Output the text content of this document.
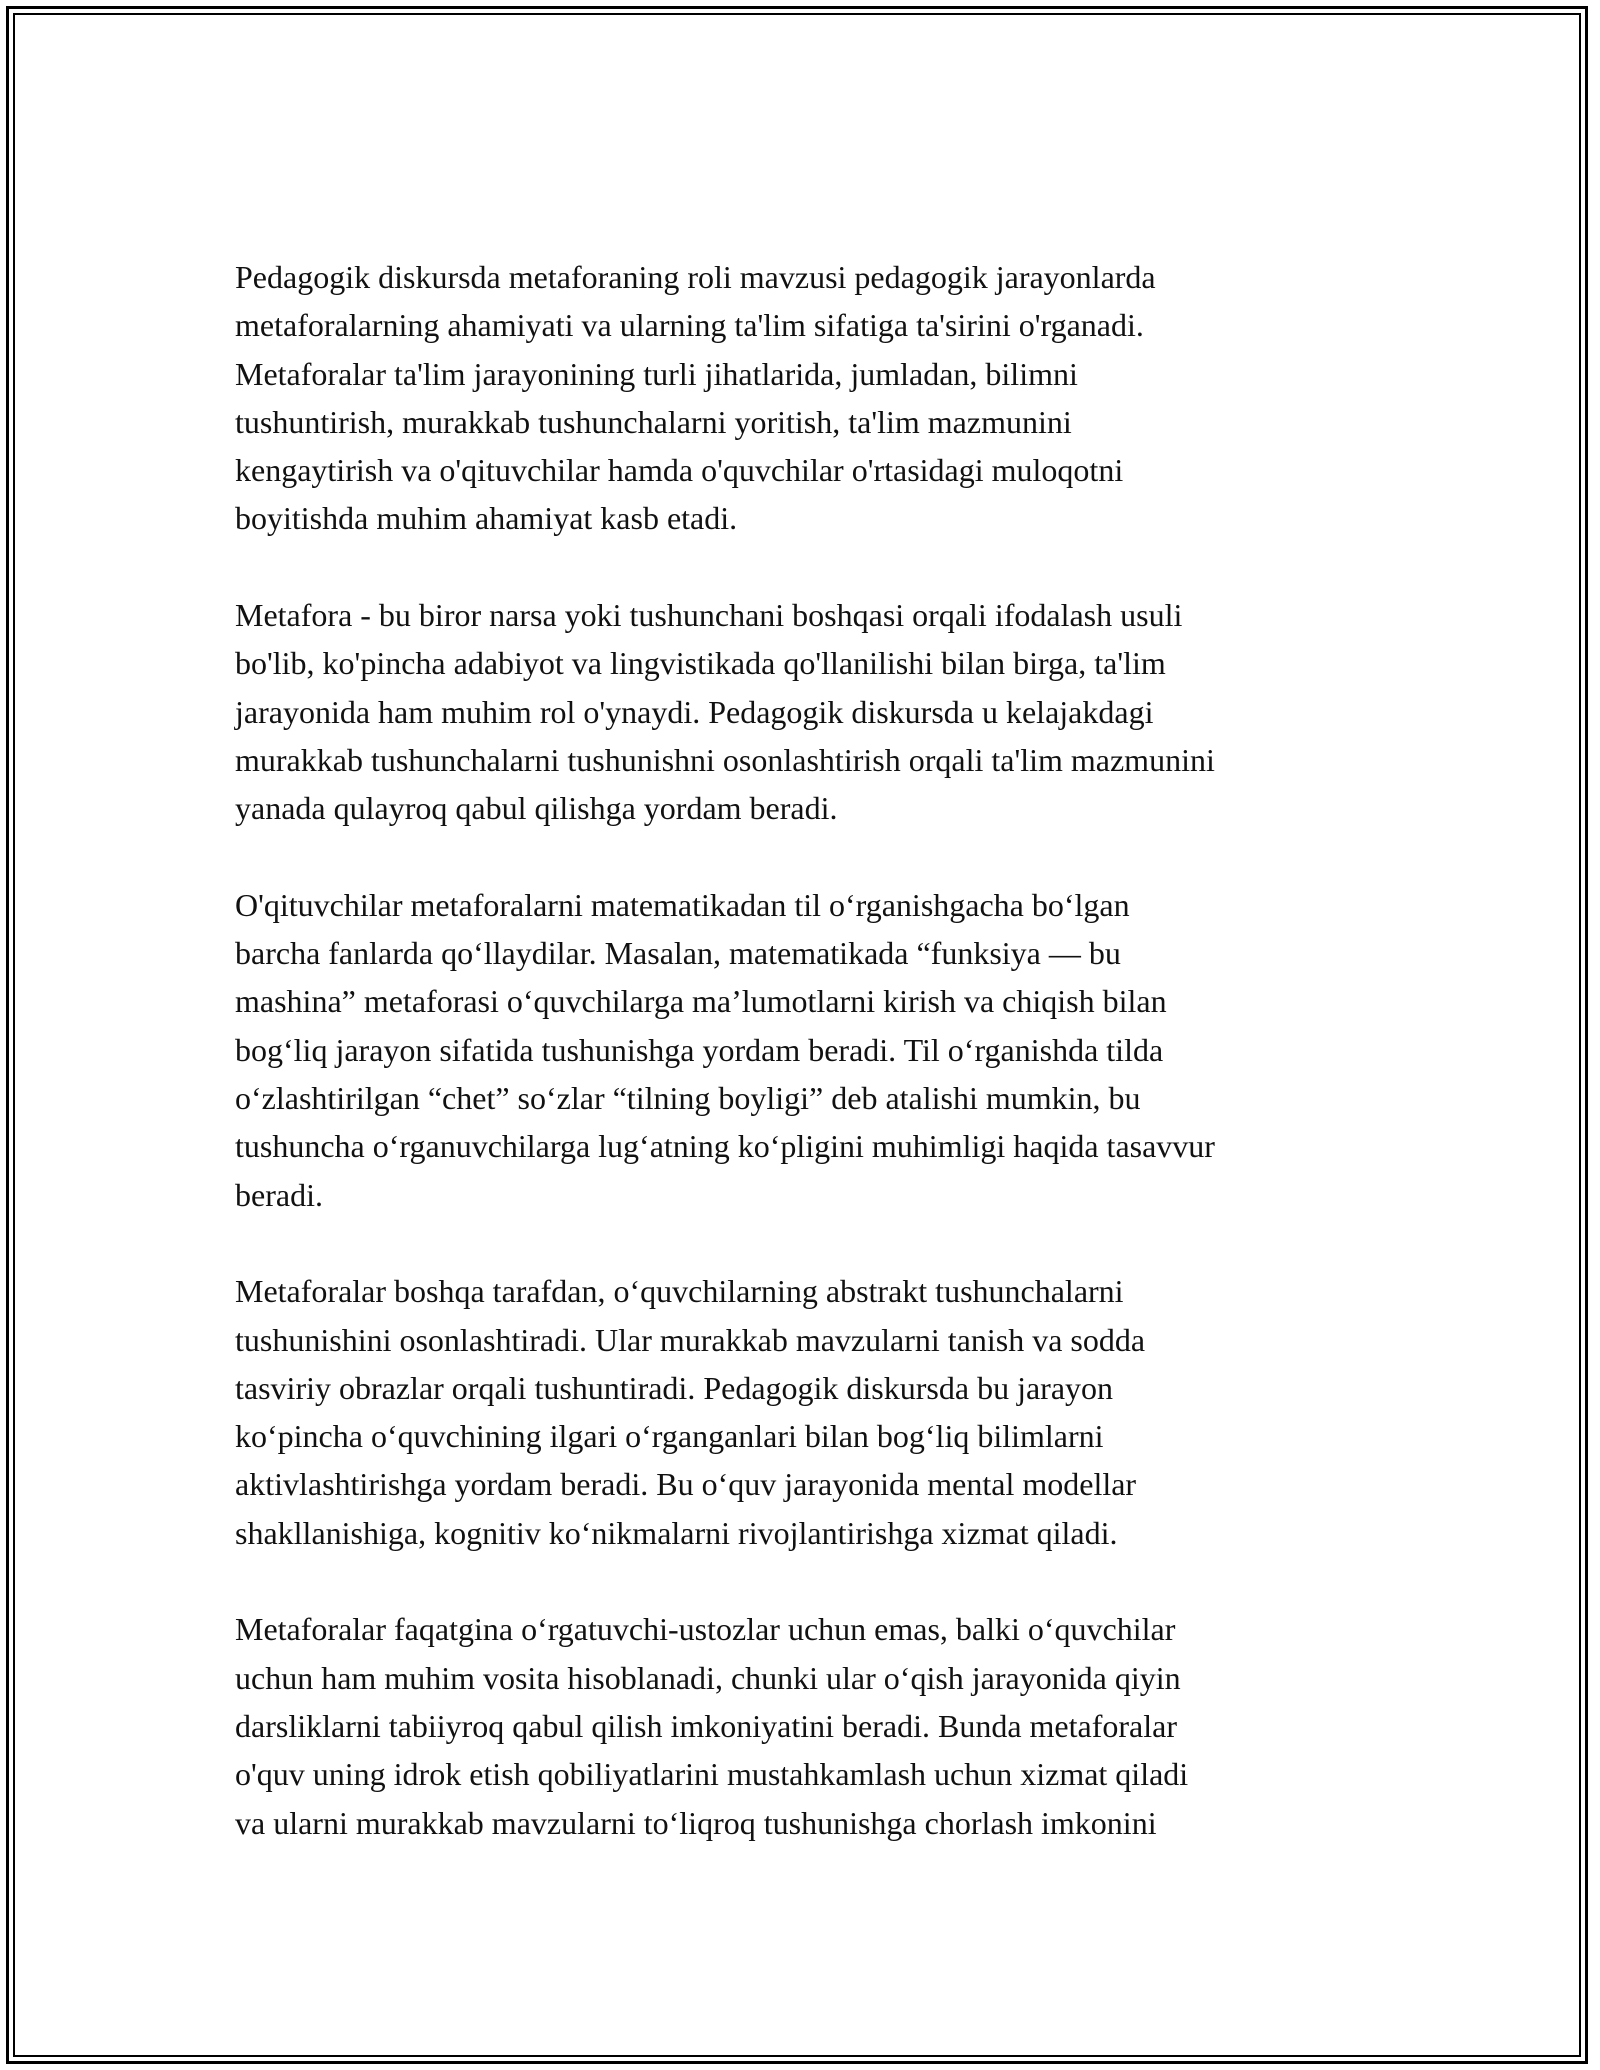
Pedagogik diskursda metaforaning roli mavzusi pedagogik jarayonlarda
metaforalarning ahamiyati va ularning ta'lim sifatiga ta'sirini o'rganadi.
Metaforalar ta'lim jarayonining turli jihatlarida, jumladan, bilimni
tushuntirish, murakkab tushunchalarni yoritish, ta'lim mazmunini
kengaytirish va o'qituvchilar hamda o'quvchilar o'rtasidagi muloqotni
boyitishda muhim ahamiyat kasb etadi.

Metafora - bu biror narsa yoki tushunchani boshqasi orqali ifodalash usuli
bo'lib, ko'pincha adabiyot va lingvistikada qo'llanilishi bilan birga, ta'lim
jarayonida ham muhim rol o'ynaydi. Pedagogik diskursda u kelajakdagi
murakkab tushunchalarni tushunishni osonlashtirish orqali ta'lim mazmunini
yanada qulayroq qabul qilishga yordam beradi.

O'qituvchilar metaforalarni matematikadan til o‘rganishgacha bo‘lgan
barcha fanlarda qo‘llaydilar. Masalan, matematikada “funksiya — bu
mashina” metaforasi o‘quvchilarga ma’lumotlarni kirish va chiqish bilan
bog‘liq jarayon sifatida tushunishga yordam beradi. Til o‘rganishda tilda
o‘zlashtirilgan “chet” so‘zlar “tilning boyligi” deb atalishi mumkin, bu
tushuncha o‘rganuvchilarga lug‘atning ko‘pligini muhimligi haqida tasavvur
beradi.

Metaforalar boshqa tarafdan, o‘quvchilarning abstrakt tushunchalarni
tushunishini osonlashtiradi. Ular murakkab mavzularni tanish va sodda
tasviriy obrazlar orqali tushuntiradi. Pedagogik diskursda bu jarayon
ko‘pincha o‘quvchining ilgari o‘rganganlari bilan bog‘liq bilimlarni
aktivlashtirishga yordam beradi. Bu o‘quv jarayonida mental modellar
shakllanishiga, kognitiv ko‘nikmalarni rivojlantirishga xizmat qiladi.

Metaforalar faqatgina o‘rgatuvchi-ustozlar uchun emas, balki o‘quvchilar
uchun ham muhim vosita hisoblanadi, chunki ular o‘qish jarayonida qiyin
darsliklarni tabiiyroq qabul qilish imkoniyatini beradi. Bunda metaforalar
o'quv uning idrok etish qobiliyatlarini mustahkamlash uchun xizmat qiladi
va ularni murakkab mavzularni to‘liqroq tushunishga chorlash imkonini
